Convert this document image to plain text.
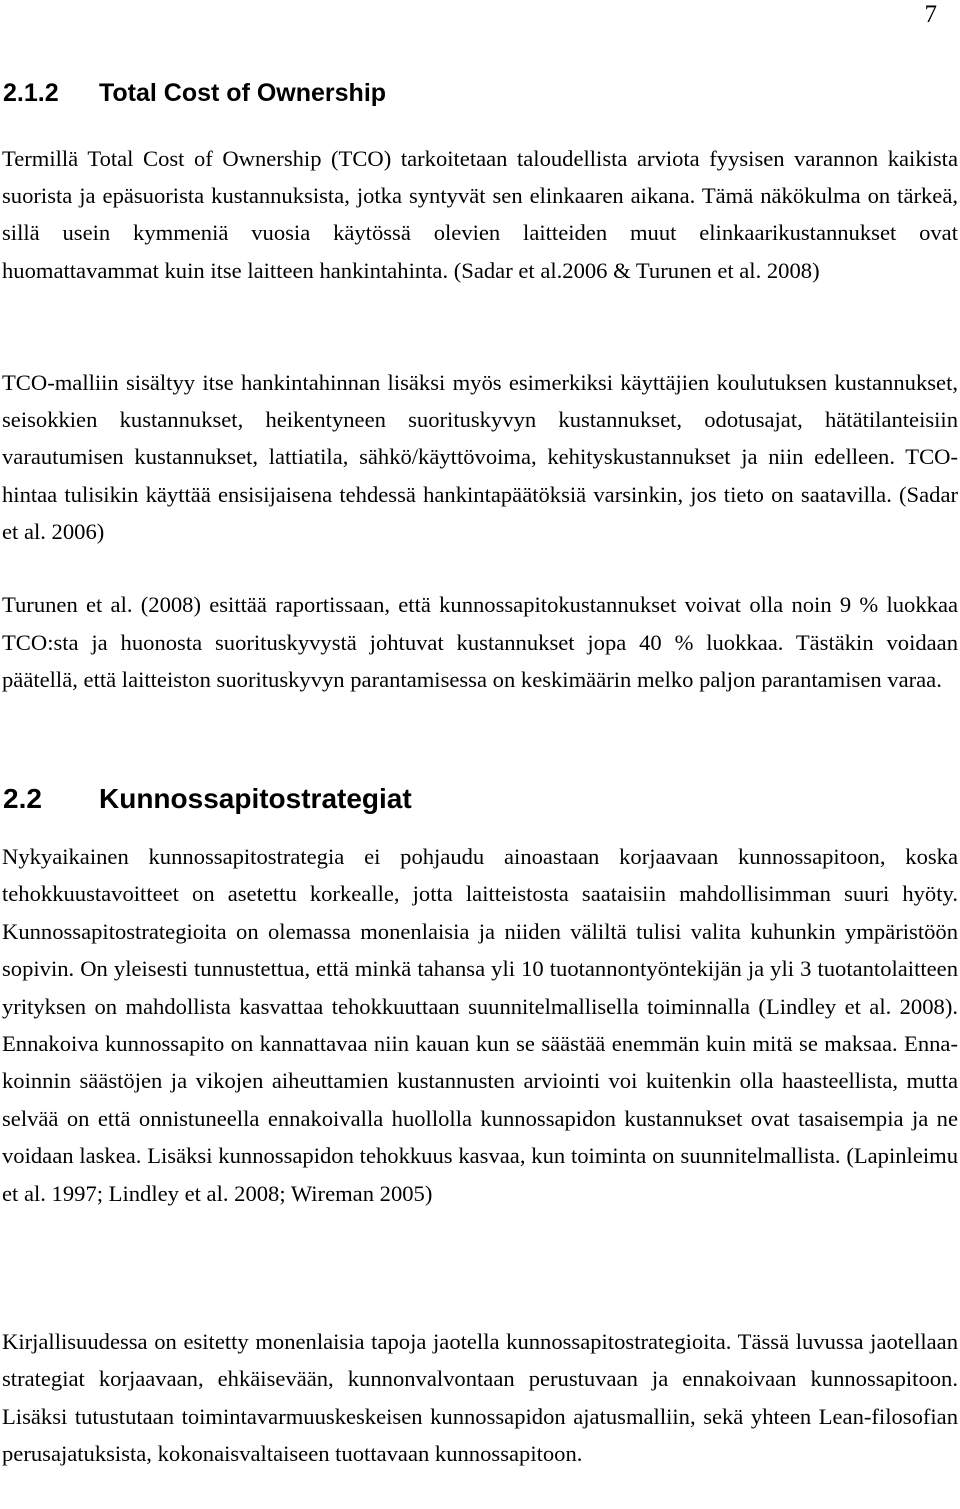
7
2.1.2 Total Cost of Ownership

Termillä Total Cost of Ownership (TCO) tarkoitetaan taloudellista arviota fyysisen varannon kaikista suorista ja epäsuorista kustannuksista, jotka syntyvät sen elinkaaren aikana. Tämä näkökulma on tärkeä, sillä usein kymmeniä vuosia käytössä olevien laitteiden muut elinkaarikustannukset ovat huomattavammat kuin itse laitteen hankintahinta. (Sadar et al.2006 & Turunen et al. 2008)

TCO-malliin sisältyy itse hankintahinnan lisäksi myös esimerkiksi käyttäjien koulutuksen kustannukset, seisokkien kustannukset, heikentyneen suorituskyvyn kustannukset, odotusajat, hätätilanteisiin varautumisen kustannukset, lattiatila, sähkö/käyttövoima, kehityskustannukset ja niin edelleen. TCO-hintaa tulisikin käyttää ensisijaisena tehdessä hankintapäätöksiä varsinkin, jos tieto on saatavilla. (Sadar et al. 2006)

Turunen et al. (2008) esittää raportissaan, että kunnossapitokustannukset voivat olla noin 9 % luokkaa TCO:sta ja huonosta suorituskyvystä johtuvat kustannukset jopa 40 % luokkaa. Tästäkin voidaan päätellä, että laitteiston suorituskyvyn parantamisessa on keskimäärin melko paljon parantamisen varaa.

2.2 Kunnossapitostrategiat

Nykyaikainen kunnossapitostrategia ei pohjaudu ainoastaan korjaavaan kunnossapitoon, koska tehokkuustavoitteet on asetettu korkealle, jotta laitteistosta saataisiin mahdollisimman suuri hyöty. Kunnossapitostrategioita on olemassa monenlaisia ja niiden väliltä tulisi valita kuhunkin ympäristöön sopivin. On yleisesti tunnustettua, että minkä tahansa yli 10 tuotannontyöntekijän ja yli 3 tuotantolaitteen yrityksen on mahdollista kasvattaa tehokkuuttaan suunnitelmallisella toiminnalla (Lindley et al. 2008). Ennakoiva kunnossapito on kannattavaa niin kauan kun se säästää enemmän kuin mitä se maksaa. Ennakoinnin säästöjen ja vikojen aiheuttamien kustannusten arviointi voi kuitenkin olla haasteellista, mutta selvää on että onnistuneella ennakoivalla huollolla kunnossapidon kustannukset ovat tasaisempia ja ne voidaan laskea. Lisäksi kunnossapidon tehokkuus kasvaa, kun toiminta on suunnitelmallista. (Lapinleimu et al. 1997; Lindley et al. 2008; Wireman 2005)

Kirjallisuudessa on esitetty monenlaisia tapoja jaotella kunnossapitostrategioita. Tässä luvussa jaotellaan strategiat korjaavaan, ehkäisevään, kunnonvalvontaan perustuvaan ja ennakoivaan kunnossapitoon. Lisäksi tutustutaan toimintavarmuuskeskeisen kunnossapidon ajatusmalliin, sekä yhteen Lean-filosofian perusajatuksista, kokonaisvaltaiseen tuottavaan kunnossapitoon.
